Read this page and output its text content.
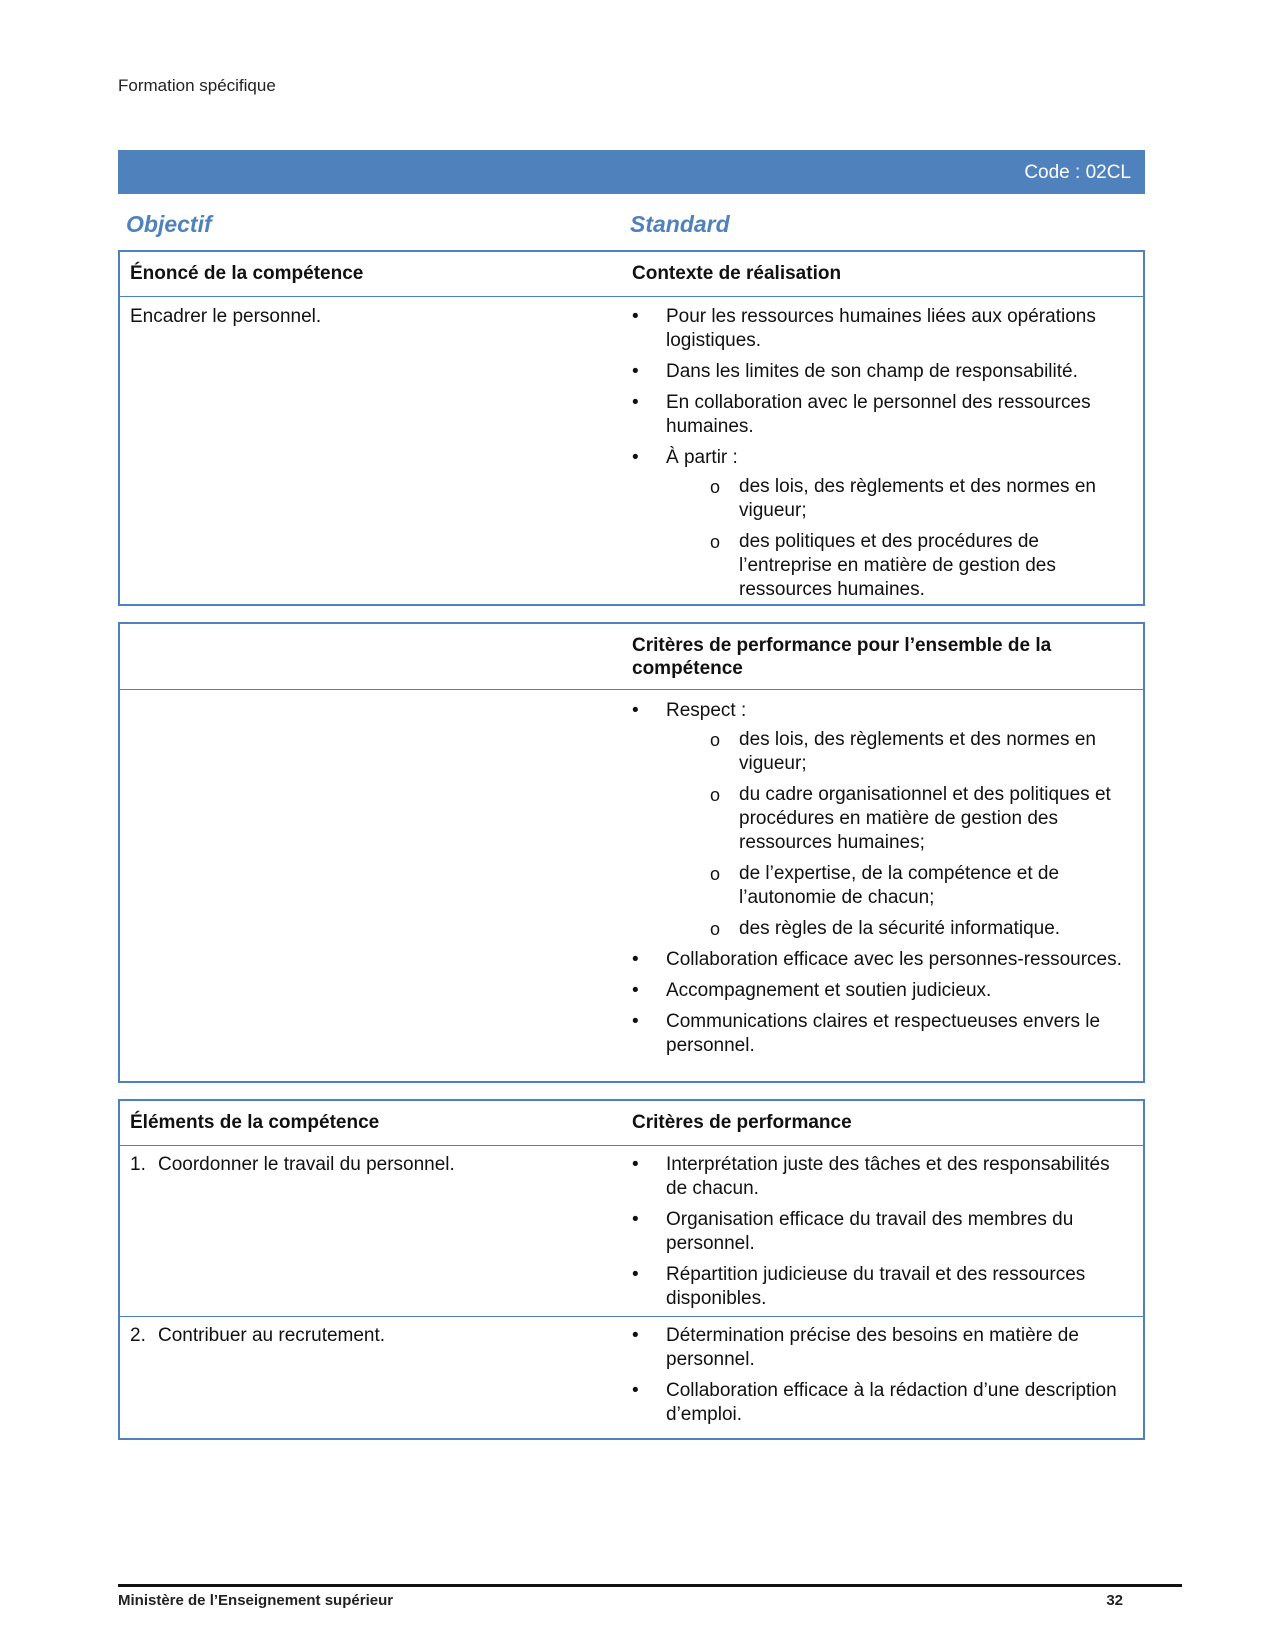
Formation spécifique
Code : 02CL
Objectif	Standard
Énoncé de la compétence	Contexte de réalisation
Encadrer le personnel.	• Pour les ressources humaines liées aux opérations logistiques.
• Dans les limites de son champ de responsabilité.
• En collaboration avec le personnel des ressources humaines.
• À partir :
o des lois, des règlements et des normes en vigueur;
o des politiques et des procédures de l’entreprise en matière de gestion des ressources humaines.
Critères de performance pour l’ensemble de la compétence
• Respect :
o des lois, des règlements et des normes en vigueur;
o du cadre organisationnel et des politiques et procédures en matière de gestion des ressources humaines;
o de l’expertise, de la compétence et de l’autonomie de chacun;
o des règles de la sécurité informatique.
• Collaboration efficace avec les personnes-ressources.
• Accompagnement et soutien judicieux.
• Communications claires et respectueuses envers le personnel.
Éléments de la compétence	Critères de performance
1. Coordonner le travail du personnel.	• Interprétation juste des tâches et des responsabilités de chacun.
• Organisation efficace du travail des membres du personnel.
• Répartition judicieuse du travail et des ressources disponibles.
2. Contribuer au recrutement.	• Détermination précise des besoins en matière de personnel.
• Collaboration efficace à la rédaction d’une description d’emploi.
Ministère de l’Enseignement supérieur	32
